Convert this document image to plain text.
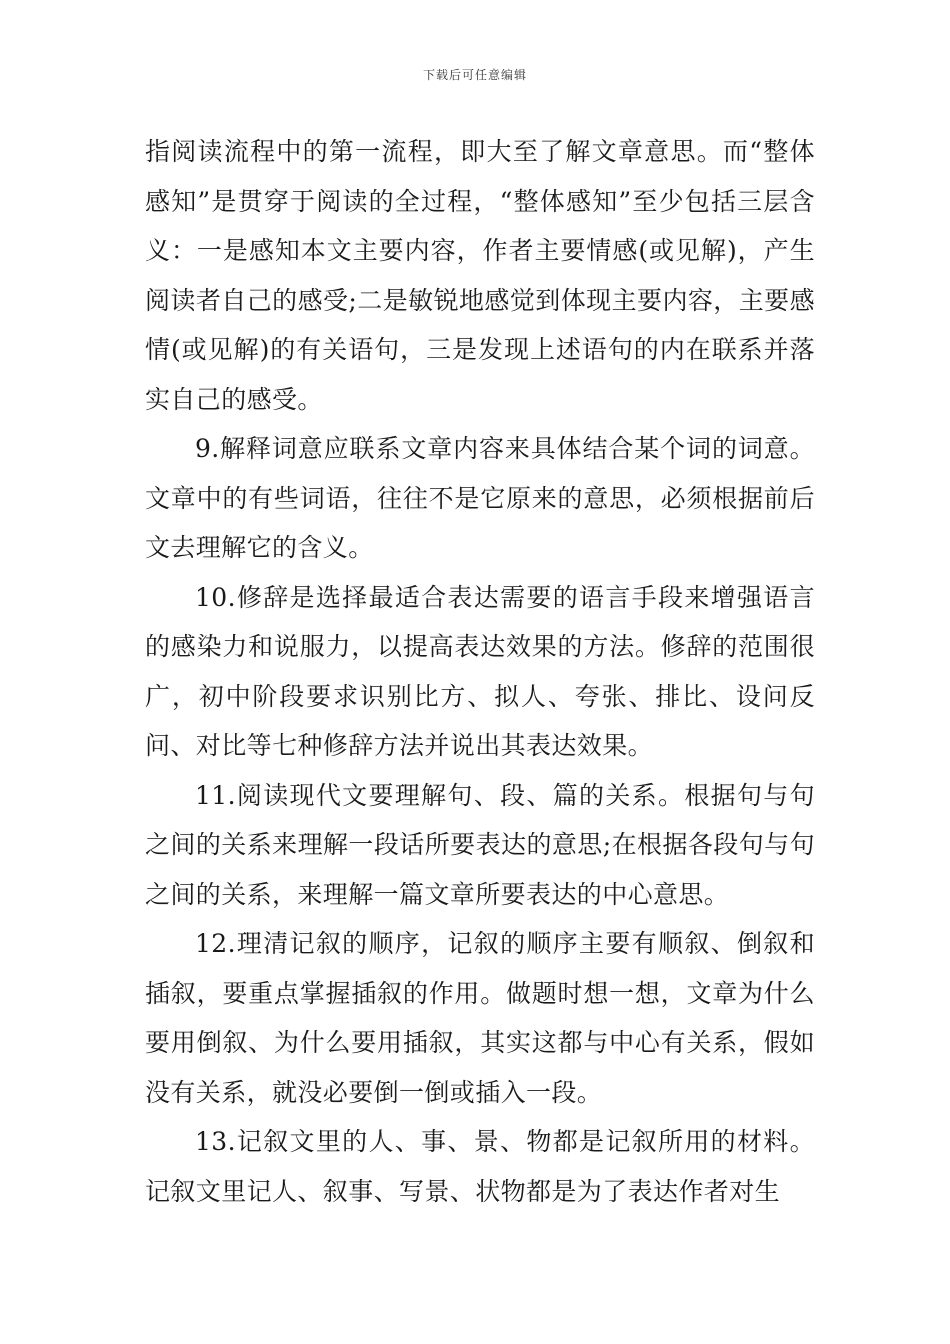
下载后可任意编辑

指阅读流程中的第一流程，即大至了解文章意思。而“整体感知”是贯穿于阅读的全过程，“整体感知”至少包括三层含义：一是感知本文主要内容，作者主要情感(或见解)，产生阅读者自己的感受;二是敏锐地感觉到体现主要内容，主要感情(或见解)的有关语句，三是发现上述语句的内在联系并落实自己的感受。

9.解释词意应联系文章内容来具体结合某个词的词意。文章中的有些词语，往往不是它原来的意思，必须根据前后文去理解它的含义。

10.修辞是选择最适合表达需要的语言手段来增强语言的感染力和说服力，以提高表达效果的方法。修辞的范围很广，初中阶段要求识别比方、拟人、夸张、排比、设问反问、对比等七种修辞方法并说出其表达效果。

11.阅读现代文要理解句、段、篇的关系。根据句与句之间的关系来理解一段话所要表达的意思;在根据各段句与句之间的关系，来理解一篇文章所要表达的中心意思。

12.理清记叙的顺序，记叙的顺序主要有顺叙、倒叙和插叙，要重点掌握插叙的作用。做题时想一想，文章为什么要用倒叙、为什么要用插叙，其实这都与中心有关系，假如没有关系，就没必要倒一倒或插入一段。

13.记叙文里的人、事、景、物都是记叙所用的材料。记叙文里记人、叙事、写景、状物都是为了表达作者对生
